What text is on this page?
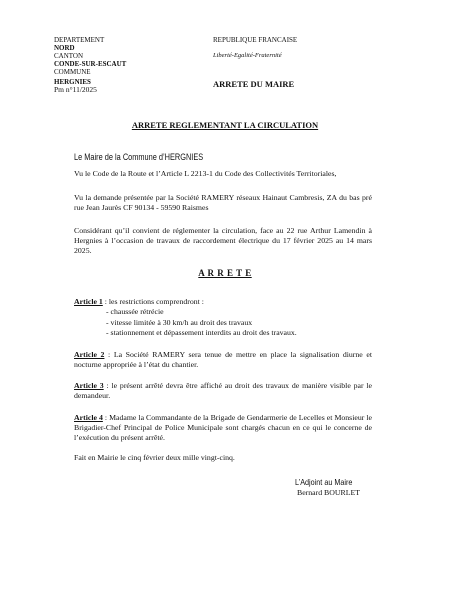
DEPARTEMENT
NORD
CANTON
CONDE-SUR-ESCAUT
COMMUNE
HERGNIES
Pm n°11/2025
REPUBLIQUE FRANCAISE
Liberté-Egalité-Fraternité
ARRETE DU MAIRE
ARRETE REGLEMENTANT LA CIRCULATION
Le Maire de la Commune d’HERGNIES
Vu le Code de la Route et l’Article L 2213-1 du Code des Collectivités Territoriales,
Vu la demande présentée par la Société RAMERY réseaux Hainaut Cambresis, ZA du bas pré rue Jean Jaurès CF 90134 - 59590 Raismes
Considérant qu’il convient de réglementer la circulation, face au 22 rue Arthur Lamendin à Hergnies à l’occasion de travaux de raccordement électrique du 17 février 2025 au 14 mars 2025.
A R R E T E
Article 1 : les restrictions comprendront :
- chaussée rétrécie
- vitesse limitée à 30 km/h au droit des travaux
- stationnement et dépassement interdits au droit des travaux.
Article 2 : La Société RAMERY sera tenue de mettre en place la signalisation diurne et nocturne appropriée à l’état du chantier.
Article 3 : le présent arrêté devra être affiché au droit des travaux de manière visible par le demandeur.
Article 4 : Madame la Commandante de la Brigade de Gendarmerie de Lecelles et Monsieur le Brigadier-Chef Principal de Police Municipale sont chargés chacun en ce qui le concerne de l’exécution du présent arrêté.
Fait en Mairie le cinq février deux mille vingt-cinq.
L’Adjoint au Maire
Bernard BOURLET
